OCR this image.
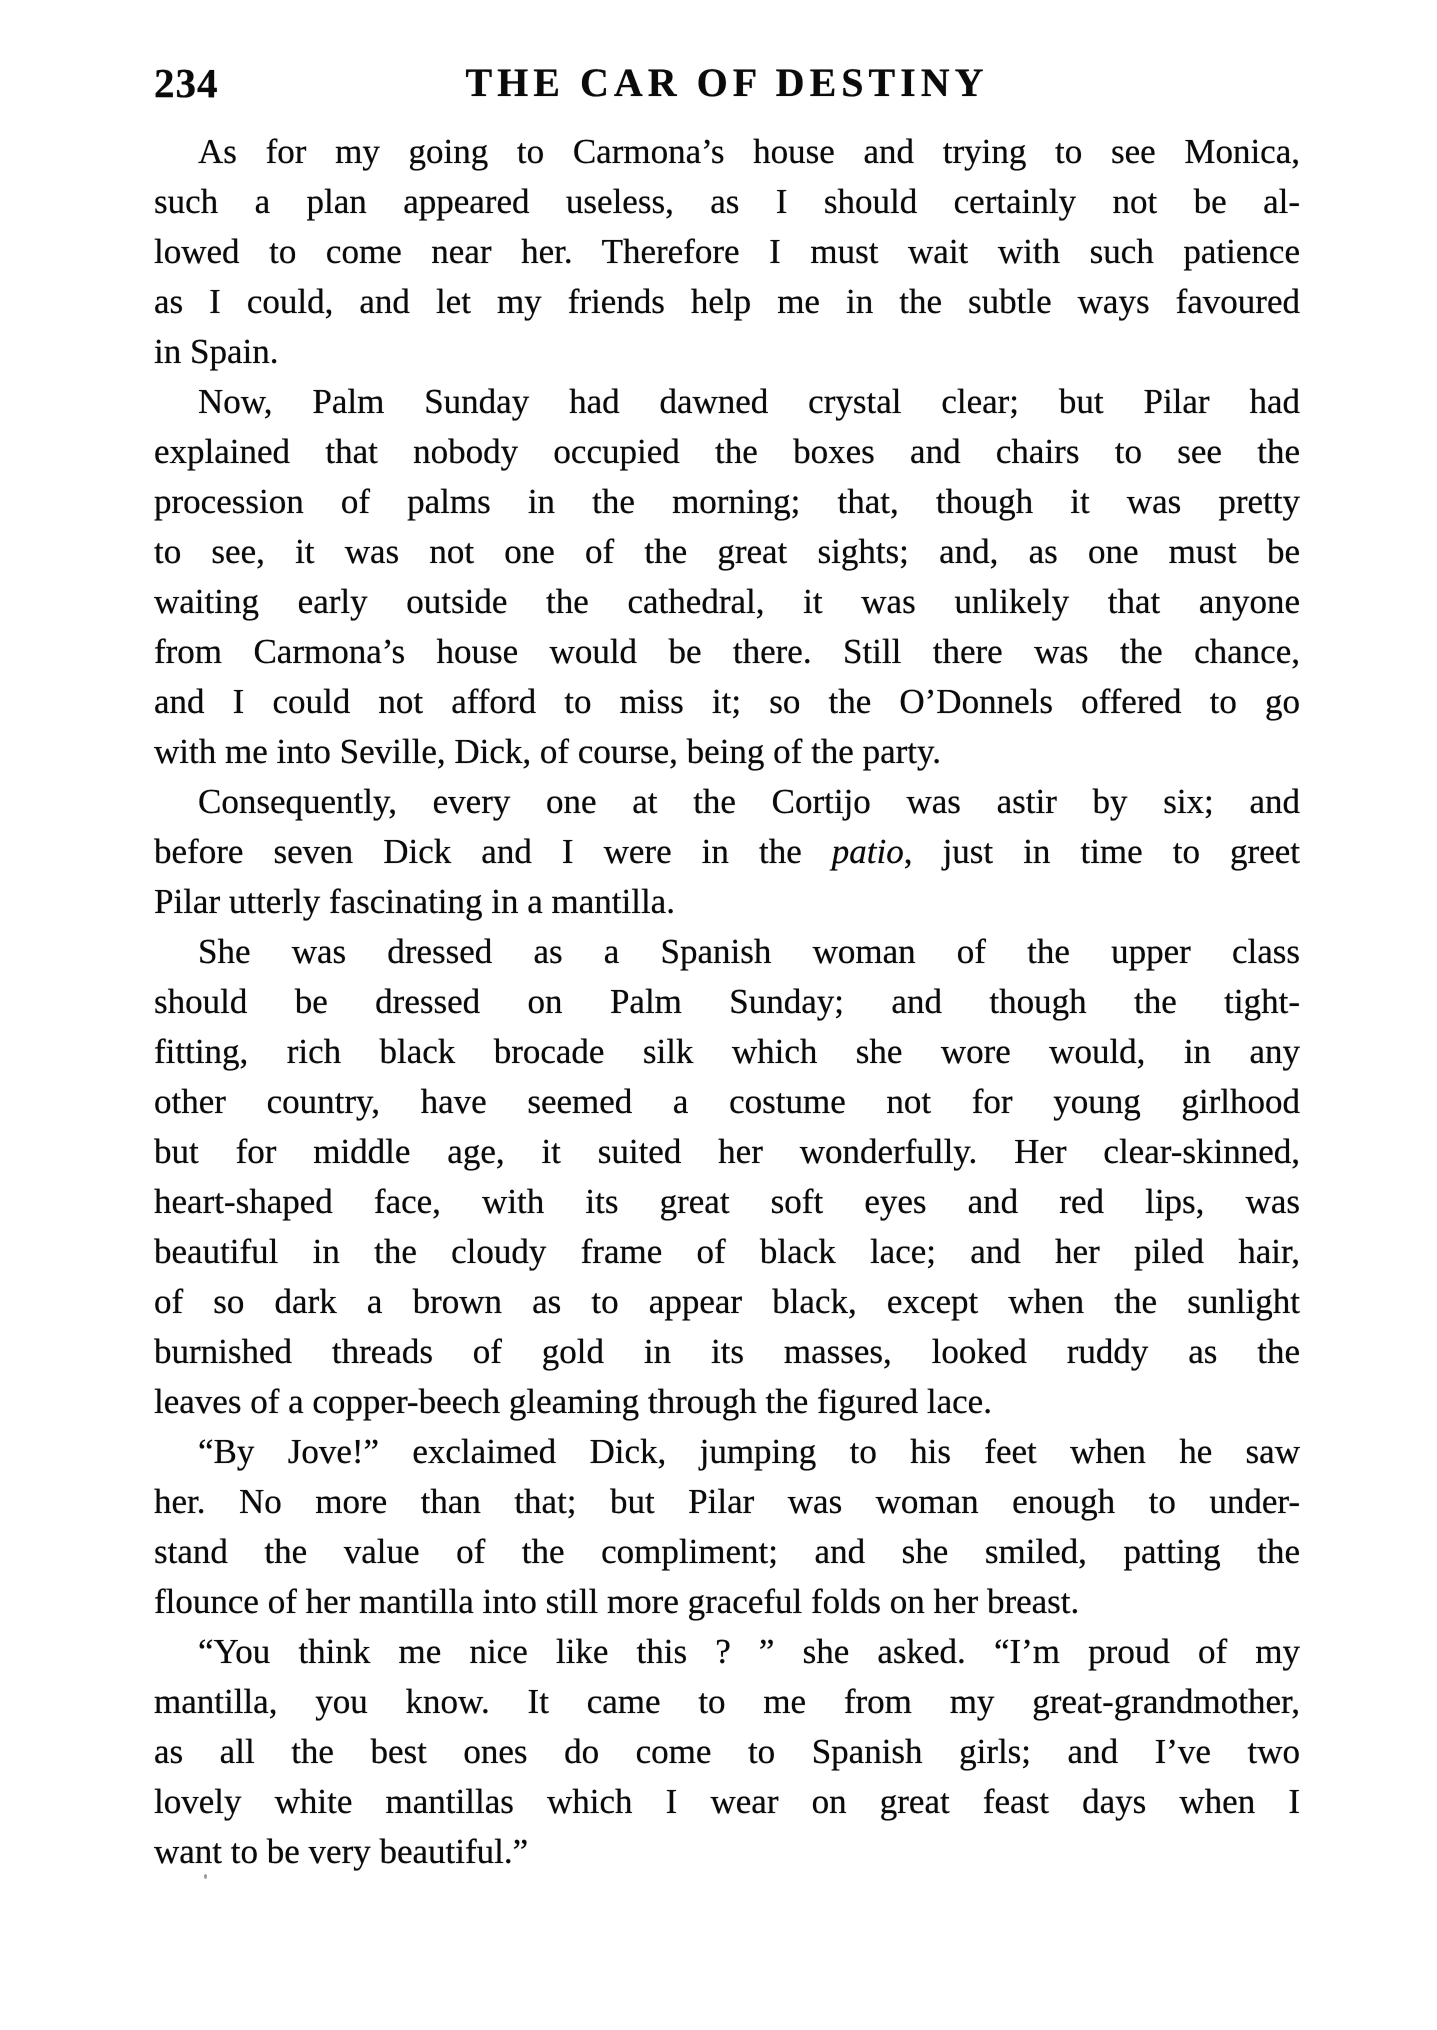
234	THE CAR OF DESTINY
As for my going to Carmona’s house and trying to see Monica,
such a plan appeared useless, as I should certainly not be al-
lowed to come near her. Therefore I must wait with such patience
as I could, and let my friends help me in the subtle ways favoured
in Spain.
Now, Palm Sunday had dawned crystal clear; but Pilar had
explained that nobody occupied the boxes and chairs to see the
procession of palms in the morning; that, though it was pretty
to see, it was not one of the great sights; and, as one must be
waiting early outside the cathedral, it was unlikely that anyone
from Carmona’s house would be there. Still there was the chance,
and I could not afford to miss it; so the O’Donnels offered to go
with me into Seville, Dick, of course, being of the party.
Consequently, every one at the Cortijo was astir by six; and
before seven Dick and I were in the patio, just in time to greet
Pilar utterly fascinating in a mantilla.
She was dressed as a Spanish woman of the upper class
should be dressed on Palm Sunday; and though the tight-
fitting, rich black brocade silk which she wore would, in any
other country, have seemed a costume not for young girlhood
but for middle age, it suited her wonderfully. Her clear-skinned,
heart-shaped face, with its great soft eyes and red lips, was
beautiful in the cloudy frame of black lace; and her piled hair,
of so dark a brown as to appear black, except when the sunlight
burnished threads of gold in its masses, looked ruddy as the
leaves of a copper-beech gleaming through the figured lace.
“By Jove!” exclaimed Dick, jumping to his feet when he saw
her. No more than that; but Pilar was woman enough to under-
stand the value of the compliment; and she smiled, patting the
flounce of her mantilla into still more graceful folds on her breast.
“You think me nice like this ? ” she asked. “I’m proud of my
mantilla, you know. It came to me from my great-grandmother,
as all the best ones do come to Spanish girls; and I’ve two
lovely white mantillas which I wear on great feast days when I
want to be very beautiful.”
